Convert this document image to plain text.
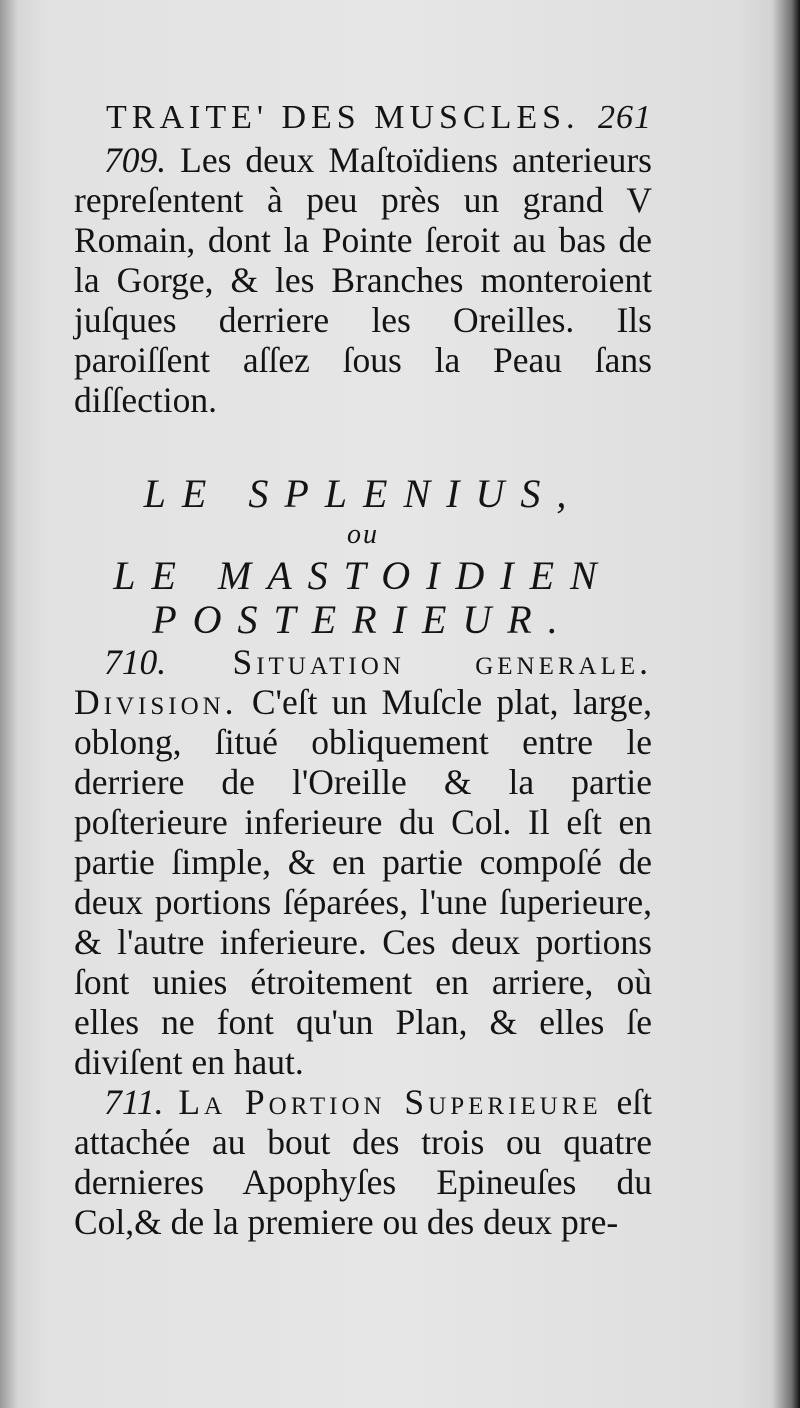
TRAITE' DES MUSCLES. 261

709. Les deux Maſtoïdiens anterieurs repreſentent à peu près un grand V Romain, dont la Pointe ſeroit au bas de la Gorge, & les Branches monteroient juſques derriere les Oreilles. Ils paroiſſent aſſez ſous la Peau ſans diſſection.

LE SPLENIUS,
ou
LE MASTOIDIEN
POSTERIEUR.

710. Situation generale. Division. C'eſt un Muſcle plat, large, oblong, ſitué obliquement entre le derriere de l'Oreille & la partie poſterieure inferieure du Col. Il eſt en partie ſimple, & en partie compoſé de deux portions ſéparées, l'une ſuperieure, & l'autre inferieure. Ces deux portions ſont unies étroitement en arriere, où elles ne font qu'un Plan, & elles ſe diviſent en haut.

711. La Portion Superieure eſt attachée au bout des trois ou quatre dernieres Apophyſes Epineuſes du Col,& de la premiere ou des deux pre-
